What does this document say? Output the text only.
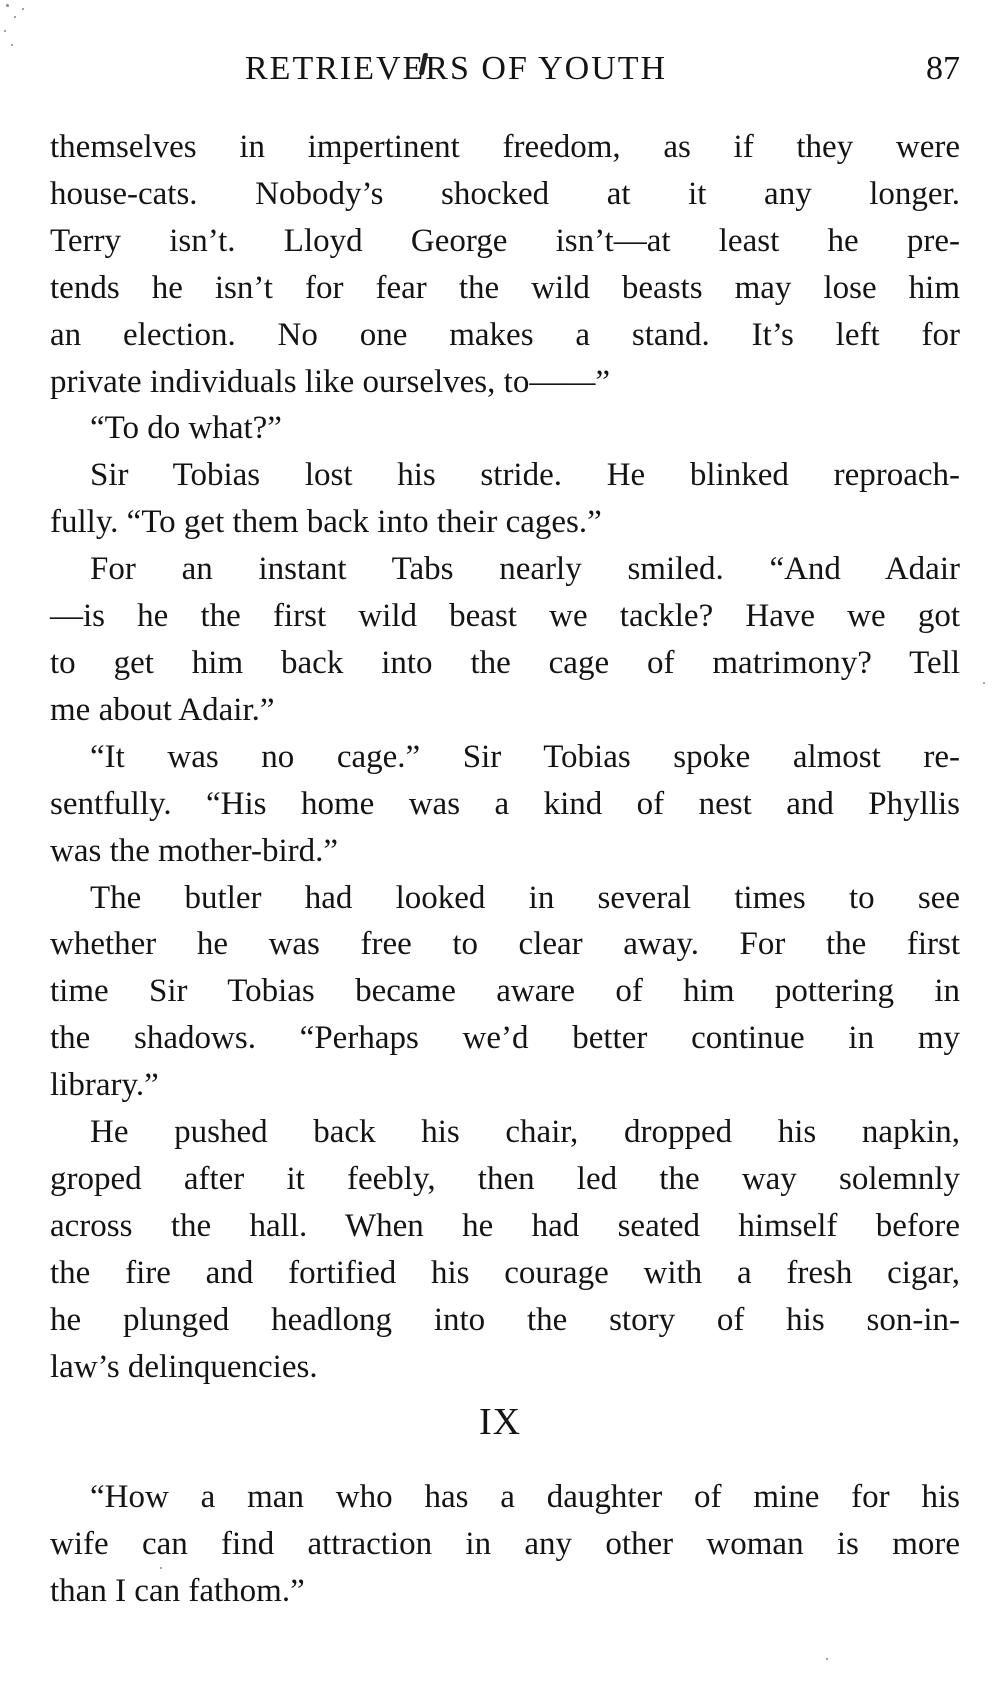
RETRIEVERS OF YOUTH	87

themselves in impertinent freedom, as if they were
house-cats. Nobody’s shocked at it any longer.
Terry isn’t. Lloyd George isn’t—at least he pre-
tends he isn’t for fear the wild beasts may lose him
an election. No one makes a stand. It’s left for
private individuals like ourselves, to——”

“To do what?”

Sir Tobias lost his stride. He blinked reproach-
fully. “To get them back into their cages.”

For an instant Tabs nearly smiled. “And Adair
—is he the first wild beast we tackle? Have we got
to get him back into the cage of matrimony? Tell
me about Adair.”

“It was no cage.” Sir Tobias spoke almost re-
sentfully. “His home was a kind of nest and Phyllis
was the mother-bird.”

The butler had looked in several times to see
whether he was free to clear away. For the first
time Sir Tobias became aware of him pottering in
the shadows. “Perhaps we’d better continue in my
library.”

He pushed back his chair, dropped his napkin,
groped after it feebly, then led the way solemnly
across the hall. When he had seated himself before
the fire and fortified his courage with a fresh cigar,
he plunged headlong into the story of his son-in-
law’s delinquencies.

IX

“How a man who has a daughter of mine for his
wife can find attraction in any other woman is more
than I can fathom.”
